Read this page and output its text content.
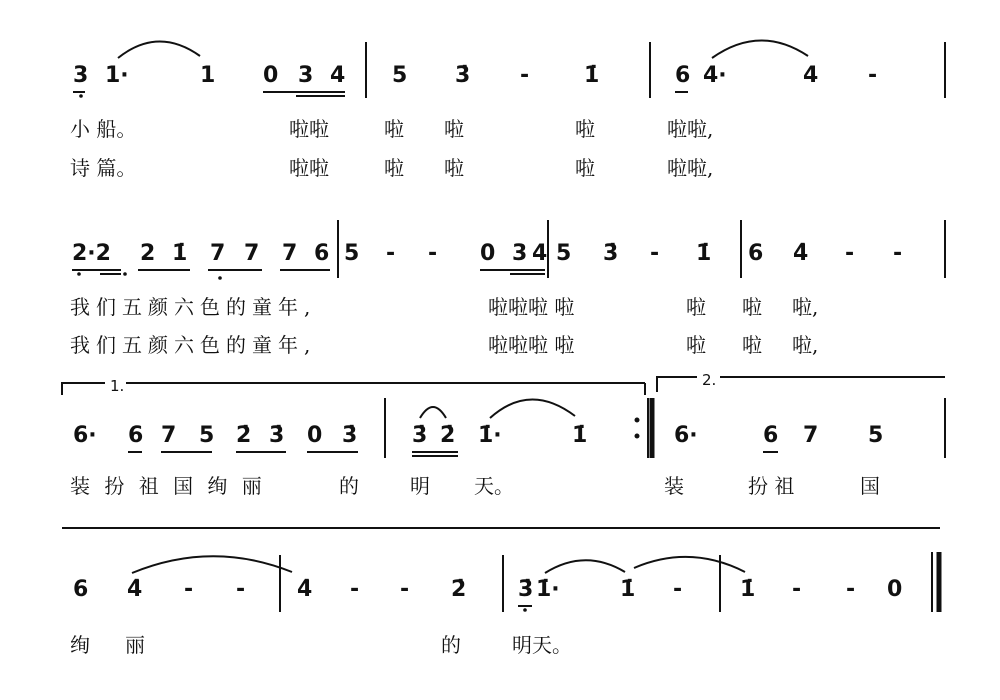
3 1·	1 0 3 4 5 3̇ - 1̇	6 4·	4 -
小 船。	啦啦	啦 啦	啦	啦啦,
诗 篇。	啦啦	啦 啦	啦	啦啦,
2·2 2 1̇ 7 7 7 6 5 - - 0 3 4 5 3̇ - 1̇ 6 4̇ - -
我们五颜六色的童年,	啦啦啦 啦	啦 啦 啦,
我们五颜六色的童年,	啦啦啦 啦	啦 啦 啦,
1.	2.
6· 6 7 5 2̇ 3̇ 0 3̇ 3̇ 2̇ 1̇·	1̇	6·	6 7 5
装 扮 祖 国 绚 丽	的	明 天。	装	扮 祖	国
6 4̇ - - 4̇ - - 2̇ 3̇ 1̇·	1̇ -	1̇ - - 0
绚 丽	的	明天。
